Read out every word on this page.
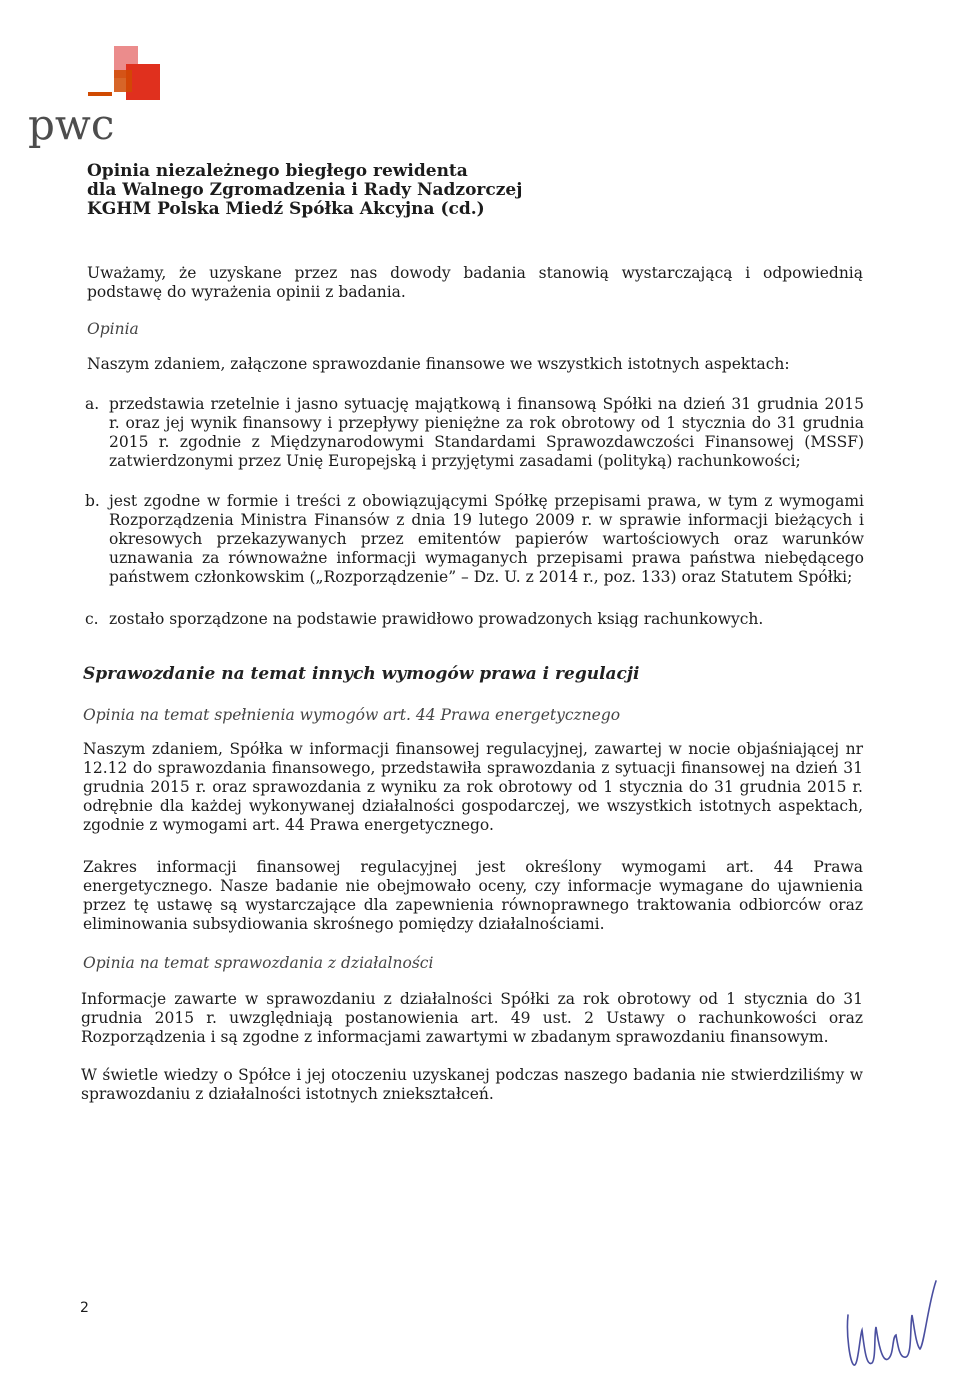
pwc
Opinia niezależnego biegłego rewidenta
dla Walnego Zgromadzenia i Rady Nadzorczej
KGHM Polska Miedź Spółka Akcyjna (cd.)
Uważamy, że uzyskane przez nas dowody badania stanowią wystarczającą i odpowiednią podstawę do wyrażenia opinii z badania.
Opinia
Naszym zdaniem, załączone sprawozdanie finansowe we wszystkich istotnych aspektach:
a. przedstawia rzetelnie i jasno sytuację majątkową i finansową Spółki na dzień 31 grudnia 2015 r. oraz jej wynik finansowy i przepływy pieniężne za rok obrotowy od 1 stycznia do 31 grudnia 2015 r. zgodnie z Międzynarodowymi Standardami Sprawozdawczości Finansowej (MSSF) zatwierdzonymi przez Unię Europejską i przyjętymi zasadami (polityką) rachunkowości;
b. jest zgodne w formie i treści z obowiązującymi Spółkę przepisami prawa, w tym z wymogami Rozporządzenia Ministra Finansów z dnia 19 lutego 2009 r. w sprawie informacji bieżących i okresowych przekazywanych przez emitentów papierów wartościowych oraz warunków uznawania za równoważne informacji wymaganych przepisami prawa państwa niebędącego państwem członkowskim („Rozporządzenie” – Dz. U. z 2014 r., poz. 133) oraz Statutem Spółki;
c. zostało sporządzone na podstawie prawidłowo prowadzonych ksiąg rachunkowych.
Sprawozdanie na temat innych wymogów prawa i regulacji
Opinia na temat spełnienia wymogów art. 44 Prawa energetycznego
Naszym zdaniem, Spółka w informacji finansowej regulacyjnej, zawartej w nocie objaśniającej nr 12.12 do sprawozdania finansowego, przedstawiła sprawozdania z sytuacji finansowej na dzień 31 grudnia 2015 r. oraz sprawozdania z wyniku za rok obrotowy od 1 stycznia do 31 grudnia 2015 r. odrębnie dla każdej wykonywanej działalności gospodarczej, we wszystkich istotnych aspektach, zgodnie z wymogami art. 44 Prawa energetycznego.
Zakres informacji finansowej regulacyjnej jest określony wymogami art. 44 Prawa energetycznego. Nasze badanie nie obejmowało oceny, czy informacje wymagane do ujawnienia przez tę ustawę są wystarczające dla zapewnienia równoprawnego traktowania odbiorców oraz eliminowania subsydiowania skrośnego pomiędzy działalnościami.
Opinia na temat sprawozdania z działalności
Informacje zawarte w sprawozdaniu z działalności Spółki za rok obrotowy od 1 stycznia do 31 grudnia 2015 r. uwzględniają postanowienia art. 49 ust. 2 Ustawy o rachunkowości oraz Rozporządzenia i są zgodne z informacjami zawartymi w zbadanym sprawozdaniu finansowym.
W świetle wiedzy o Spółce i jej otoczeniu uzyskanej podczas naszego badania nie stwierdziliśmy w sprawozdaniu z działalności istotnych zniekształceń.
2
